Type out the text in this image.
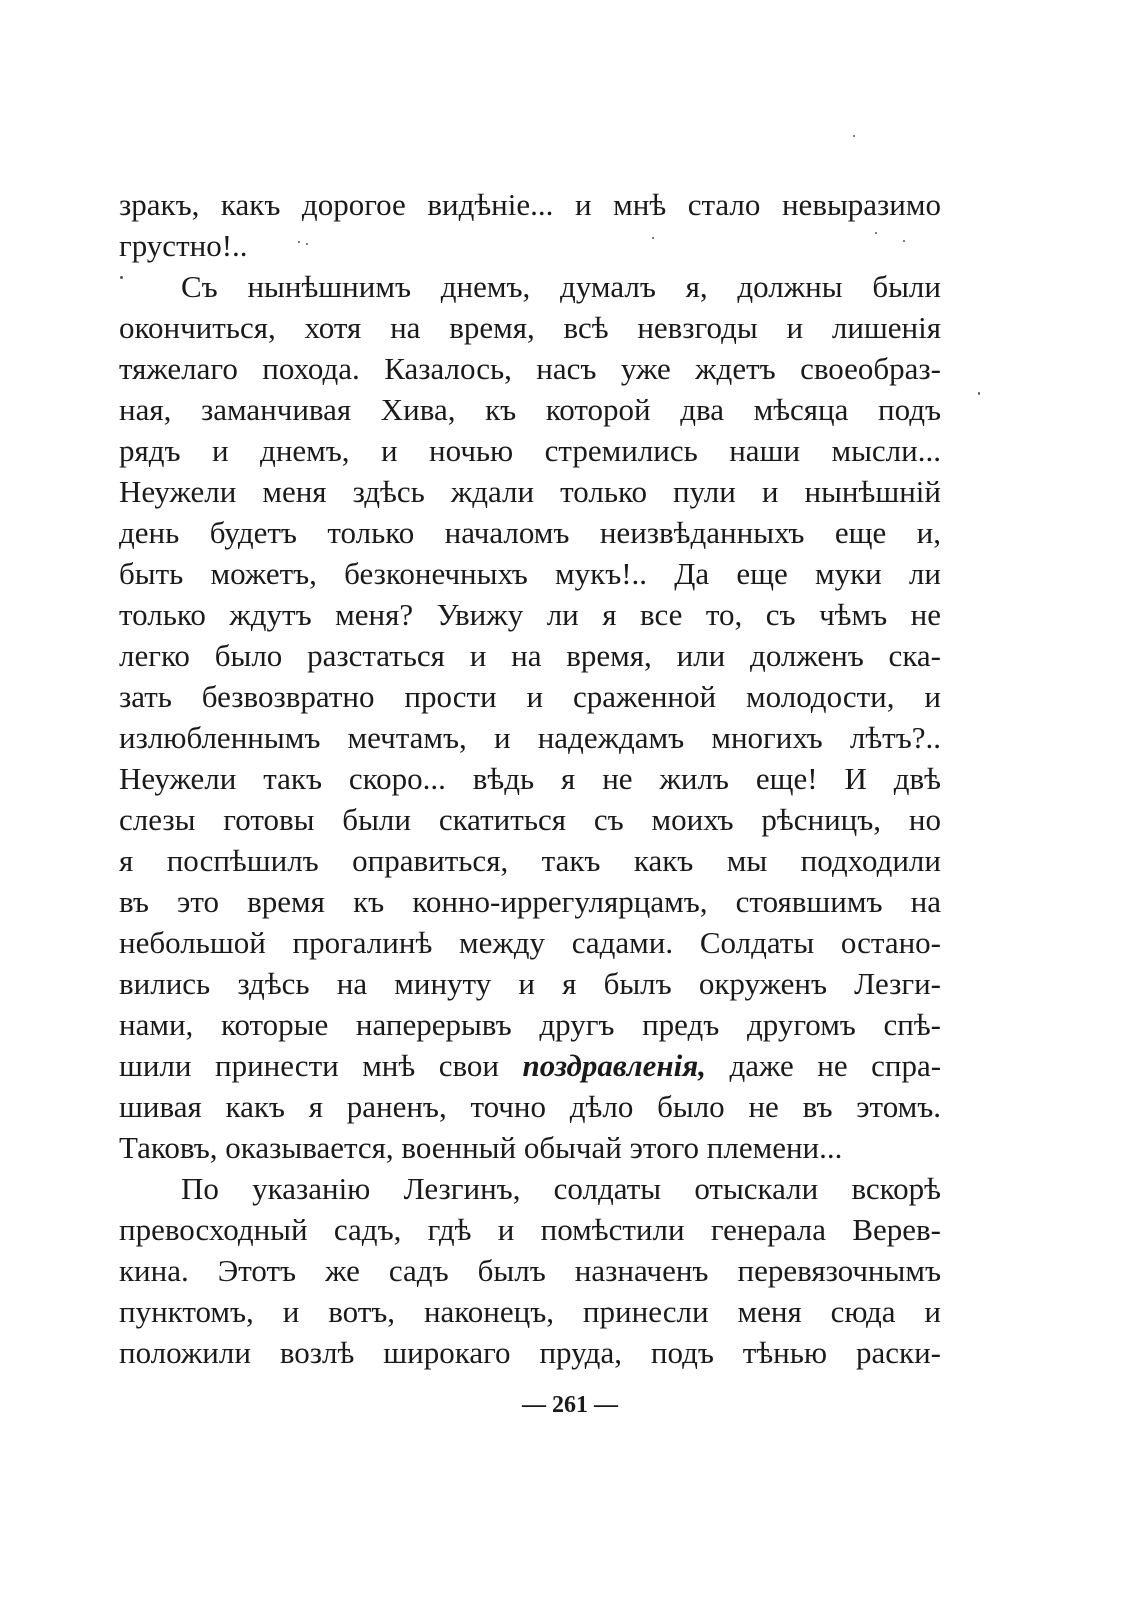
зракъ, какъ дорогое видѣніе... и мнѣ стало невыразимо
грустно!..
Съ нынѣшнимъ днемъ, думалъ я, должны были
окончиться, хотя на время, всѣ невзгоды и лишенія
тяжелаго похода. Казалось, насъ уже ждетъ своеобраз-
ная, заманчивая Хива, къ которой два мѣсяца подъ
рядъ и днемъ, и ночью стремились наши мысли...
Неужели меня здѣсь ждали только пули и нынѣшній
день будетъ только началомъ неизвѣданныхъ еще и,
быть можетъ, безконечныхъ мукъ!.. Да еще муки ли
только ждутъ меня? Увижу ли я все то, съ чѣмъ не
легко было разстаться и на время, или долженъ ска-
зать безвозвратно прости и сраженной молодости, и
излюбленнымъ мечтамъ, и надеждамъ многихъ лѣтъ?..
Неужели такъ скоро... вѣдь я не жилъ еще! И двѣ
слезы готовы были скатиться съ моихъ рѣсницъ, но
я поспѣшилъ оправиться, такъ какъ мы подходили
въ это время къ конно-иррегулярцамъ, стоявшимъ на
небольшой прогалинѣ между садами. Солдаты остано-
вились здѣсь на минуту и я былъ окруженъ Лезги-
нами, которые наперерывъ другъ предъ другомъ спѣ-
шили принести мнѣ свои поздравленія, даже не спра-
шивая какъ я раненъ, точно дѣло было не въ этомъ.
Таковъ, оказывается, военный обычай этого племени...
По указанію Лезгинъ, солдаты отыскали вскорѣ
превосходный садъ, гдѣ и помѣстили генерала Верев-
кина. Этотъ же садъ былъ назначенъ перевязочнымъ
пунктомъ, и вотъ, наконецъ, принесли меня сюда и
положили возлѣ широкаго пруда, подъ тѣнью раски-
— 261 —
